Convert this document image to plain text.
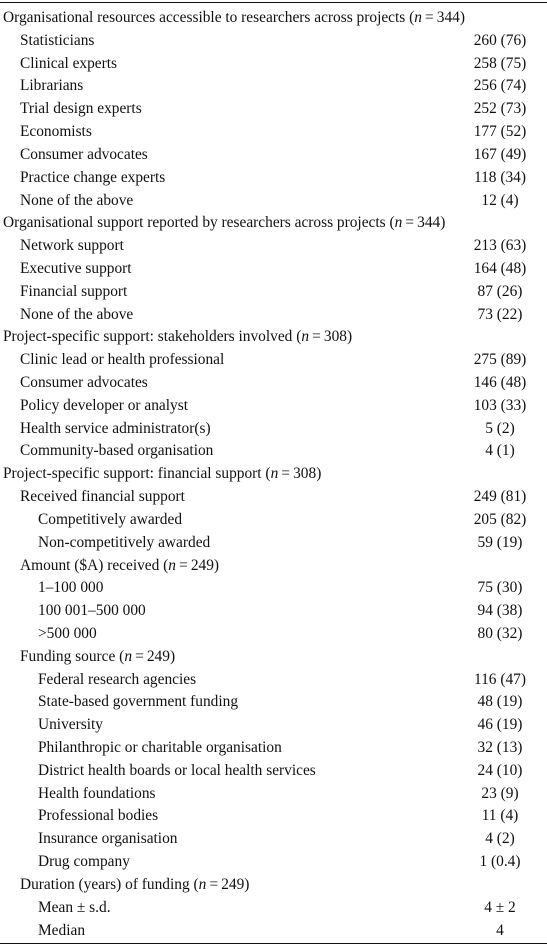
Organisational resources accessible to researchers across projects (n = 344)
Statisticians	260 (76)
Clinical experts	258 (75)
Librarians	256 (74)
Trial design experts	252 (73)
Economists	177 (52)
Consumer advocates	167 (49)
Practice change experts	118 (34)
None of the above	12 (4)
Organisational support reported by researchers across projects (n = 344)
Network support	213 (63)
Executive support	164 (48)
Financial support	87 (26)
None of the above	73 (22)
Project-specific support: stakeholders involved (n = 308)
Clinic lead or health professional	275 (89)
Consumer advocates	146 (48)
Policy developer or analyst	103 (33)
Health service administrator(s)	5 (2)
Community-based organisation	4 (1)
Project-specific support: financial support (n = 308)
Received financial support	249 (81)
Competitively awarded	205 (82)
Non-competitively awarded	59 (19)
Amount ($A) received (n = 249)
1–100 000	75 (30)
100 001–500 000	94 (38)
>500 000	80 (32)
Funding source (n = 249)
Federal research agencies	116 (47)
State-based government funding	48 (19)
University	46 (19)
Philanthropic or charitable organisation	32 (13)
District health boards or local health services	24 (10)
Health foundations	23 (9)
Professional bodies	11 (4)
Insurance organisation	4 (2)
Drug company	1 (0.4)
Duration (years) of funding (n = 249)
Mean ± s.d.	4 ± 2
Median	4
